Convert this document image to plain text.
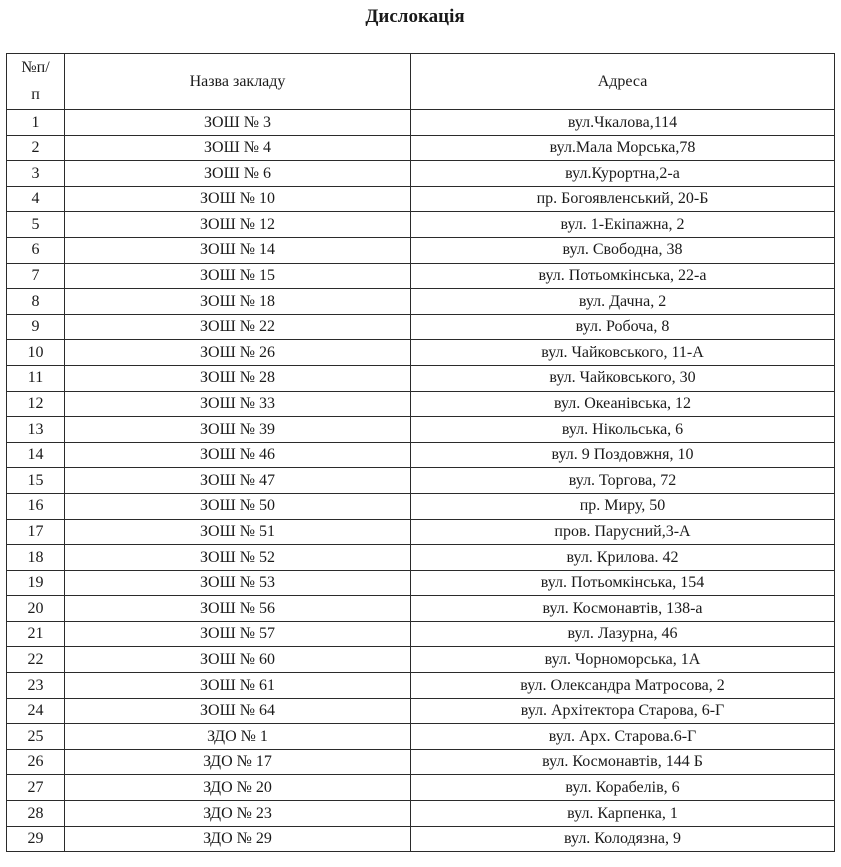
Дислокація
№п/
п	Назва закладу	Адреса
1	ЗОШ № 3	вул.Чкалова,114
2	ЗОШ № 4	вул.Мала Морська,78
3	ЗОШ № 6	вул.Курортна,2-а
4	ЗОШ № 10	пр. Богоявленський, 20-Б
5	ЗОШ № 12	вул. 1-Екіпажна, 2
6	ЗОШ № 14	вул. Свободна, 38
7	ЗОШ № 15	вул. Потьомкінська, 22-а
8	ЗОШ № 18	вул. Дачна, 2
9	ЗОШ № 22	вул. Робоча, 8
10	ЗОШ № 26	вул. Чайковського, 11-А
11	ЗОШ № 28	вул. Чайковського, 30
12	ЗОШ № 33	вул. Океанівська, 12
13	ЗОШ № 39	вул. Нікольська, 6
14	ЗОШ № 46	вул. 9 Поздовжня, 10
15	ЗОШ № 47	вул. Торгова, 72
16	ЗОШ № 50	пр. Миру, 50
17	ЗОШ № 51	пров. Парусний,3-А
18	ЗОШ № 52	вул. Крилова. 42
19	ЗОШ № 53	вул. Потьомкінська, 154
20	ЗОШ № 56	вул. Космонавтів, 138-а
21	ЗОШ № 57	вул. Лазурна, 46
22	ЗОШ № 60	вул. Чорноморська, 1А
23	ЗОШ № 61	вул. Олександра Матросова, 2
24	ЗОШ № 64	вул. Архітектора Старова, 6-Г
25	ЗДО № 1	вул. Арх. Старова.6-Г
26	ЗДО № 17	вул. Космонавтів, 144 Б
27	ЗДО № 20	вул. Корабелів, 6
28	ЗДО № 23	вул. Карпенка, 1
29	ЗДО № 29	вул. Колодязна, 9
